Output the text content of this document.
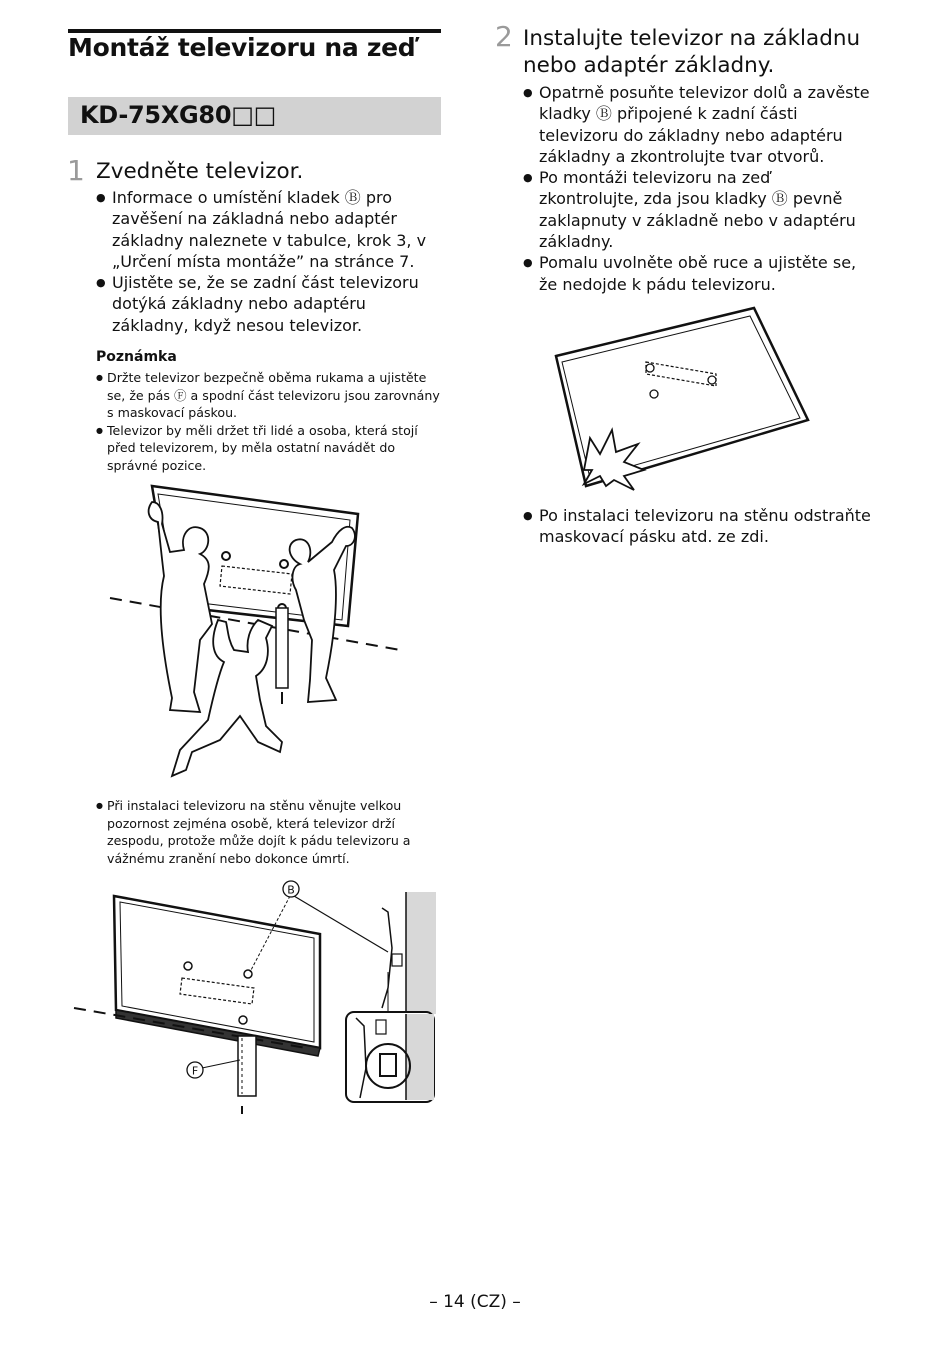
Montáž televizoru na zeď
KD-75XG80□□
1 Zvedněte televizor.
● Informace o umístění kladek Ⓑ pro zavěšení na základná nebo adaptér základny naleznete v tabulce, krok 3, v „Určení místa montáže” na stránce 7.
● Ujistěte se, že se zadní část televizoru dotýká základny nebo adaptéru základny, když nesou televizor.
Poznámka
● Držte televizor bezpečně oběma rukama a ujistěte se, že pás Ⓕ a spodní část televizoru jsou zarovnány s maskovací páskou.
● Televizor by měli držet tři lidé a osoba, která stojí před televizorem, by měla ostatní navádět do správné pozice.
● Při instalaci televizoru na stěnu věnujte velkou pozornost zejména osobě, která televizor drží zespodu, protože může dojít k pádu televizoru a vážnému zranění nebo dokonce úmrtí.
B
F
2 Instalujte televizor na základnu nebo adaptér základny.
● Opatrně posuňte televizor dolů a zavěste kladky Ⓑ připojené k zadní části televizoru do základny nebo adaptéru základny a zkontrolujte tvar otvorů.
● Po montáži televizoru na zeď zkontrolujte, zda jsou kladky Ⓑ pevně zaklapnuty v základně nebo v adaptéru základny.
● Pomalu uvolněte obě ruce a ujistěte se, že nedojde k pádu televizoru.
● Po instalaci televizoru na stěnu odstraňte maskovací pásku atd. ze zdi.
– 14 (CZ) –
